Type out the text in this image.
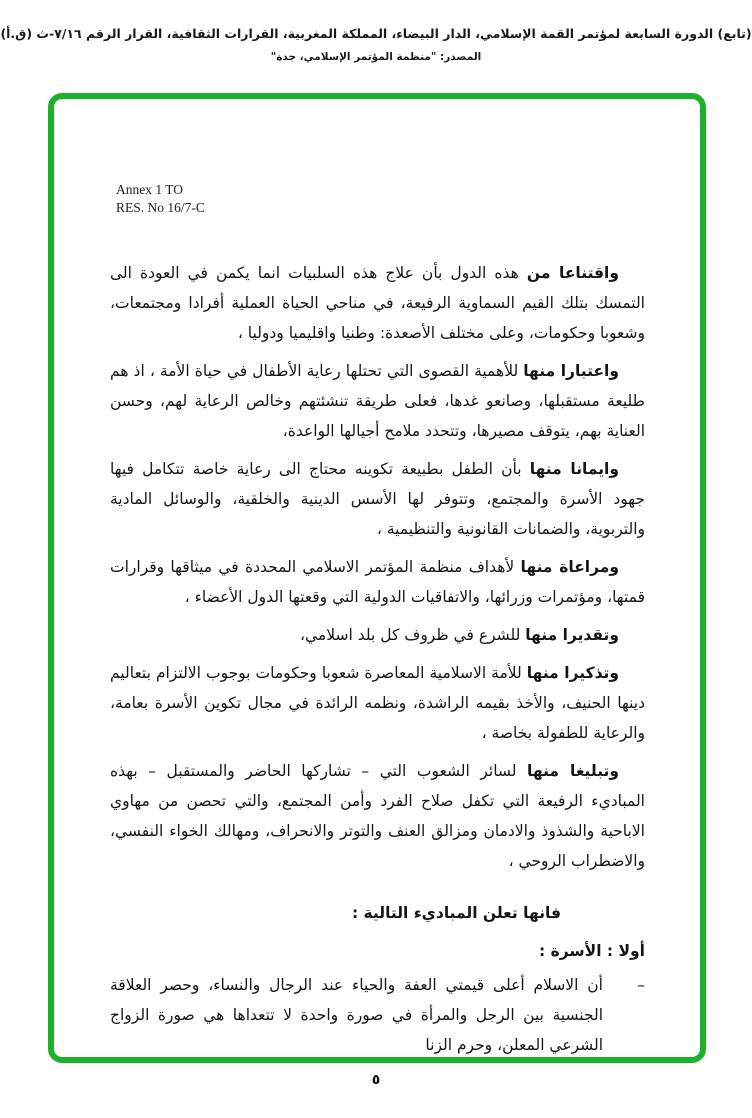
(تابع) الدورة السابعة لمؤتمر القمة الإسلامي، الدار البيضاء، المملكة المغربية، القرارات الثقافية، القرار الرقم ٧/١٦-ث (ق.أ)
المصدر: "منظمة المؤتمر الإسلامي، جدة"
Annex 1 TO
RES. No 16/7-C

واقتناعا من هذه الدول بأن علاج هذه السلبيات انما يكمن في العودة الى التمسك بتلك القيم السماوية الرفيعة، في مناحي الحياة العملية أفرادا ومجتمعات، وشعوبا وحكومات، وعلى مختلف الأصعدة: وطنيا واقليميا ودوليا ،

واعتبارا منها للأهمية القصوى التي تحتلها رعاية الأطفال في حياة الأمة ، اذ هم طليعة مستقبلها، وصانعو غدها، فعلى طريقة تنشئتهم وخالص الرعاية لهم، وحسن العناية بهم، يتوقف مصيرها، وتتحدد ملامح أجيالها الواعدة،

وايمانا منها بأن الطفل بطبيعة تكوينه محتاج الى رعاية خاصة تتكامل فيها جهود الأسرة والمجتمع، وتتوفر لها الأسس الدينية والخلقية، والوسائل المادية والتربوية، والضمانات القانونية والتنظيمية ،

ومراعاة منها لأهداف منظمة المؤتمر الاسلامي المحددة في ميثاقها وقرارات قمتها، ومؤتمرات وزرائها، والاتفاقيات الدولية التي وقعتها الدول الأعضاء ،

وتقديرا منها للشرع في ظروف كل بلد اسلامي،

وتذكيرا منها للأمة الاسلامية المعاصرة شعوبا وحكومات بوجوب الالتزام بتعاليم دينها الحنيف، والأخذ بقيمه الراشدة، ونظمه الرائدة في مجال تكوين الأسرة بعامة، والرعاية للطفولة بخاصة ،

وتبليغا منها لسائر الشعوب التي – تشاركها الحاضر والمستقبل – بهذه المباديء الرفيعة التي تكفل صلاح الفرد وأمن المجتمع، والتي تحصن من مهاوي الاباحية والشذوذ والادمان ومزالق العنف والتوتر والانحراف، ومهالك الخواء النفسي، والاضطراب الروحي ،

فانها تعلن المباديء التالية :

أولا : الأسرة :

–
أن الاسلام أعلى قيمتي العفة والحياء عند الرجال والنساء، وحصر العلاقة الجنسية بين الرجل والمرأة في صورة واحدة لا تتعداها هي صورة الزواج الشرعي المعلن، وحرم الزنا
٥
